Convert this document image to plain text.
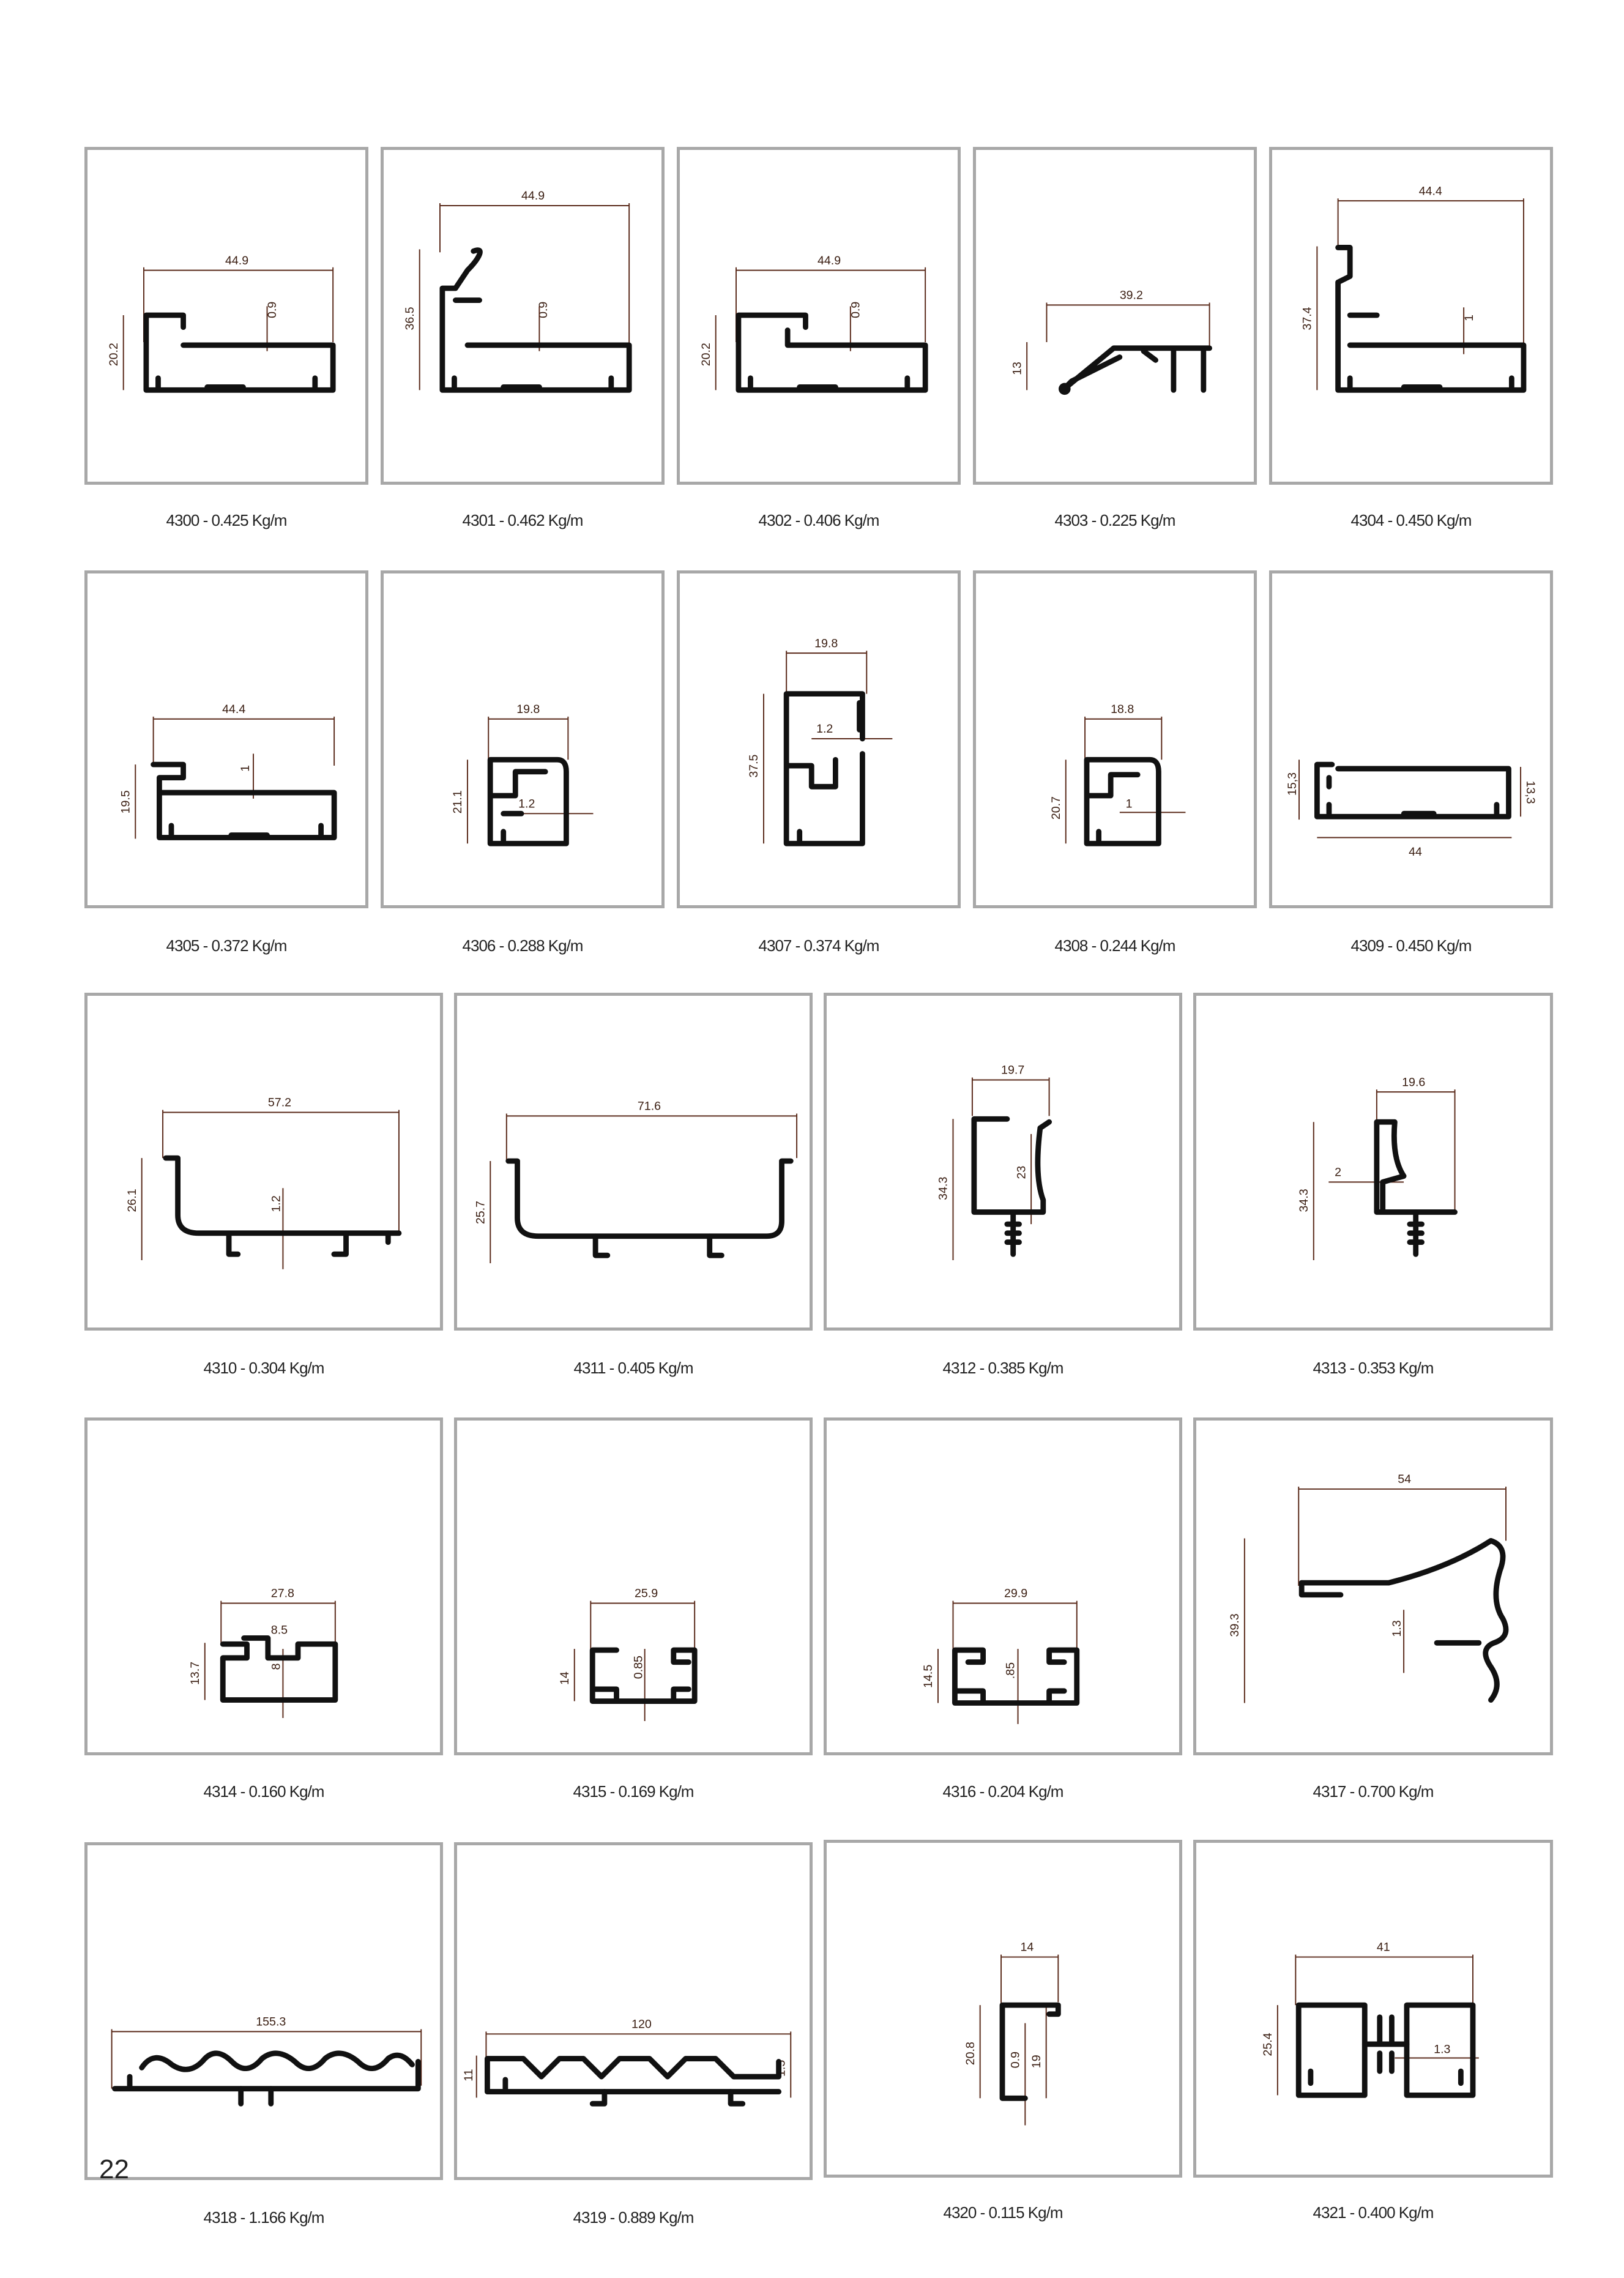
44.9
20.2
0.9
4300 - 0.425 Kg/m
44.9
36.5	0.9
4301 - 0.462 Kg/m
44.9
20.2
0.9
4302 - 0.406 Kg/m
39.2
13
4303 - 0.225 Kg/m
44.4
37.4	1
4304 - 0.450 Kg/m
44.4
19.5
1
4305 - 0.372 Kg/m
19.8
21.1	1.2
4306 - 0.288 Kg/m
19.8
37.5
1.2
4307 - 0.374 Kg/m
18.8
20.7	1
4308 - 0.244 Kg/m
15,3	13,3
44
4309 - 0.450 Kg/m
57.2
26.1	1.2
4310 - 0.304 Kg/m
71.6
25.7
4311 - 0.405 Kg/m
19.7
34.3
23
4312 - 0.385 Kg/m
19.6
34.3
2
4313 - 0.353 Kg/m
27.8
13.7
8.5
8
4314 - 0.160 Kg/m
25.9
14	0.85
4315 - 0.169 Kg/m
29.9
14.5	.85
4316 - 0.204 Kg/m
54
39.3	1.3
4317 - 0.700 Kg/m
155.3
4318 - 1.166 Kg/m
120
11	1.5
4319 - 0.889 Kg/m
14
20.8	0.9 19
4320 - 0.115 Kg/m
41
25.4	1.3
4321 - 0.400 Kg/m
22
